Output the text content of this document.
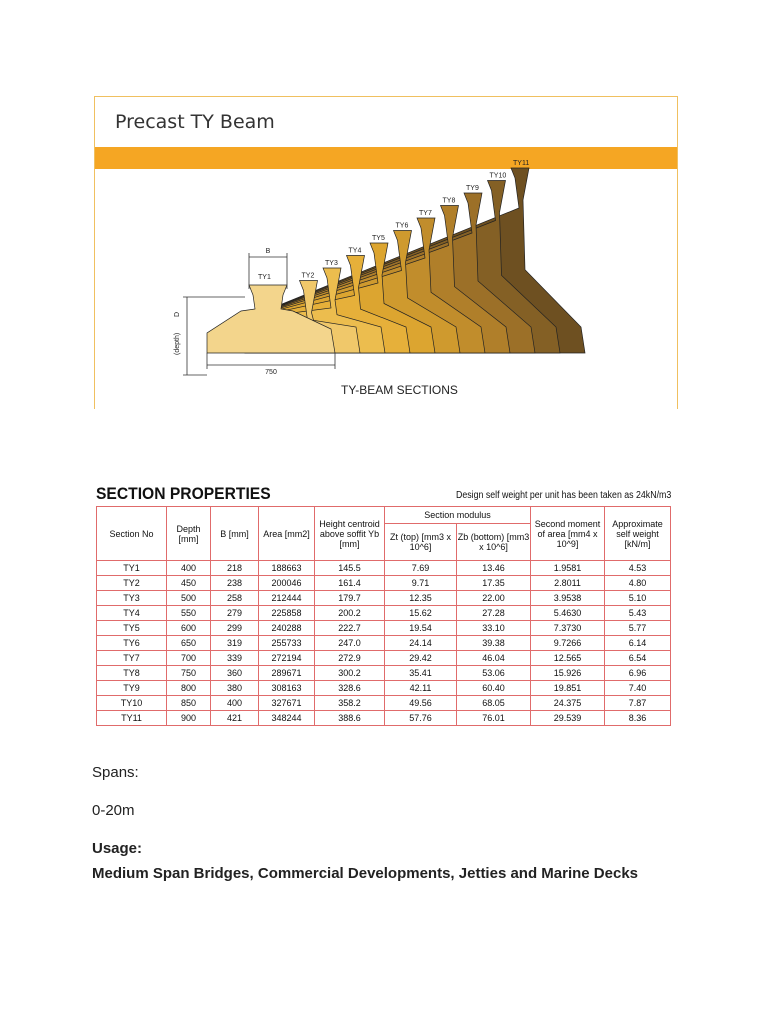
Precast TY Beam
TY11
TY10
TY9
TY8
TY7
TY6
TY5
TY4
TY3
TY2
TY1
B
D
(depth)
750
TY-BEAM SECTIONS
SECTION PROPERTIES	Design self weight per unit has been taken as 24kN/m3
Section No	Depth [mm]	B [mm]	Area [mm2]	Height centroid above soffit Yb [mm]	Section modulus		Second moment of area [mm4 x 10^9]	Approximate self weight [kN/m]
					Zt (top) [mm3 x 10^6]	Zb (bottom) [mm3 x 10^6]		
TY1	400	218	188663	145.5	7.69	13.46	1.9581	4.53
TY2	450	238	200046	161.4	9.71	17.35	2.8011	4.80
TY3	500	258	212444	179.7	12.35	22.00	3.9538	5.10
TY4	550	279	225858	200.2	15.62	27.28	5.4630	5.43
TY5	600	299	240288	222.7	19.54	33.10	7.3730	5.77
TY6	650	319	255733	247.0	24.14	39.38	9.7266	6.14
TY7	700	339	272194	272.9	29.42	46.04	12.565	6.54
TY8	750	360	289671	300.2	35.41	53.06	15.926	6.96
TY9	800	380	308163	328.6	42.11	60.40	19.851	7.40
TY10	850	400	327671	358.2	49.56	68.05	24.375	7.87
TY11	900	421	348244	388.6	57.76	76.01	29.539	8.36
Spans:
0-20m
Usage:
Medium Span Bridges, Commercial Developments, Jetties and Marine Decks
